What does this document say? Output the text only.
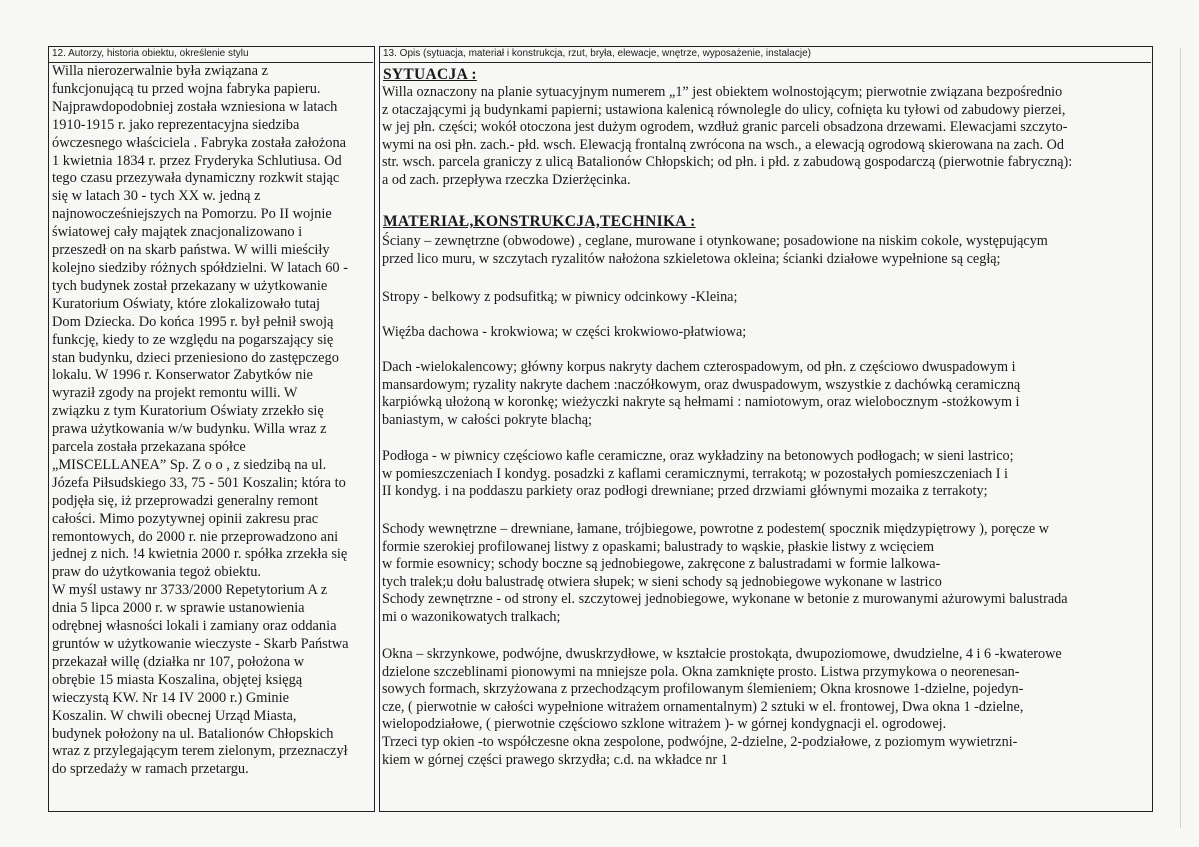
12. Autorzy, historia obiektu, określenie stylu	13. Opis (sytuacja, materiał i konstrukcja, rzut, bryła, elewacje, wnętrze, wyposażenie, instalacje)
Willa nierozerwalnie była związana z
funkcjonującą tu przed wojna fabryka papieru.
Najprawdopodobniej została wzniesiona w latach
1910-1915 r. jako reprezentacyjna siedziba
ówczesnego właściciela . Fabryka została założona
1 kwietnia 1834 r. przez Fryderyka Schlutiusa. Od
tego czasu przezywała dynamiczny rozkwit stając
się w latach 30 - tych XX w. jedną z
najnowocześniejszych na Pomorzu. Po II wojnie
światowej cały majątek znacjonalizowano i
przeszedł on na skarb państwa. W willi mieściły
kolejno siedziby różnych spółdzielni. W latach 60 -
tych budynek został przekazany w użytkowanie
Kuratorium Oświaty, które zlokalizowało tutaj
Dom Dziecka. Do końca 1995 r. był pełnił swoją
funkcję, kiedy to ze względu na pogarszający się
stan budynku, dzieci przeniesiono do zastępczego
lokalu. W 1996 r. Konserwator Zabytków nie
wyraził zgody na projekt remontu willi. W
związku z tym Kuratorium Oświaty zrzekło się
prawa użytkowania w/w budynku. Willa wraz z
parcela została przekazana spółce
„MISCELLANEA” Sp. Z o o , z siedzibą na ul.
Józefa Piłsudskiego 33, 75 - 501 Koszalin; która to
podjęła się, iż przeprowadzi generalny remont
całości. Mimo pozytywnej opinii zakresu prac
remontowych, do 2000 r. nie przeprowadzono ani
jednej z nich. !4 kwietnia 2000 r. spółka zrzekła się
praw do użytkowania tegoż obiektu.
W myśl ustawy nr 3733/2000 Repetytorium A z
dnia 5 lipca 2000 r. w sprawie ustanowienia
odrębnej własności lokali i zamiany oraz oddania
gruntów w użytkowanie wieczyste - Skarb Państwa
przekazał willę (działka nr 107, położona w
obrębie 15 miasta Koszalina, objętej księgą
wieczystą KW. Nr 14 IV 2000 r.) Gminie
Koszalin. W chwili obecnej Urząd Miasta,
budynek położony na ul. Batalionów Chłopskich
wraz z przylegającym terem zielonym, przeznaczył
do sprzedaży w ramach przetargu.
SYTUACJA :
Willa oznaczony na planie sytuacyjnym numerem „1” jest obiektem wolnostojącym; pierwotnie związana bezpośrednio
z otaczającymi ją budynkami papierni; ustawiona kalenicą równolegle do ulicy, cofnięta ku tyłowi od zabudowy pierzei,
w jej płn. części; wokół otoczona jest dużym ogrodem, wzdłuż granic parceli obsadzona drzewami. Elewacjami szczyto-
wymi na osi płn. zach.- płd. wsch. Elewacją frontalną zwrócona na wsch., a elewacją ogrodową skierowana na zach. Od
str. wsch. parcela graniczy z ulicą Batalionów Chłopskich; od płn. i płd. z zabudową gospodarczą (pierwotnie fabryczną):
a od zach. przepływa rzeczka Dzierżęcinka.
MATERIAŁ,KONSTRUKCJA,TECHNIKA :
Ściany – zewnętrzne (obwodowe) , ceglane, murowane i otynkowane; posadowione na niskim cokole, występującym
przed lico muru, w szczytach ryzalitów nałożona szkieletowa okleina; ścianki działowe wypełnione są cegłą;
Stropy - belkowy z podsufitką; w piwnicy odcinkowy -Kleina;
Więźba dachowa - krokwiowa; w części krokwiowo-płatwiowa;
Dach -wielokalencowy; główny korpus nakryty dachem czterospadowym, od płn. z częściowo dwuspadowym i
mansardowym; ryzality nakryte dachem :naczółkowym, oraz dwuspadowym, wszystkie z dachówką ceramiczną
karpiówką ułożoną w koronkę; wieżyczki nakryte są hełmami : namiotowym, oraz wielobocznym -stożkowym i
baniastym, w całości pokryte blachą;
Podłoga - w piwnicy częściowo kafle ceramiczne, oraz wykładziny na betonowych podłogach; w sieni lastrico;
w pomieszczeniach I kondyg. posadzki z kaflami ceramicznymi, terrakotą; w pozostałych pomieszczeniach I i
II kondyg. i na poddaszu parkiety oraz podłogi drewniane; przed drzwiami głównymi mozaika z terrakoty;
Schody wewnętrzne – drewniane, łamane, trójbiegowe, powrotne z podestem( spocznik międzypiętrowy ), poręcze w
formie szerokiej profilowanej listwy z opaskami; balustrady to wąskie, płaskie listwy z wcięciem
w formie esownicy; schody boczne są jednobiegowe, zakręcone z balustradami w formie lalkowa-
tych tralek;u dołu balustradę otwiera słupek; w sieni schody są jednobiegowe wykonane w lastrico
Schody zewnętrzne - od strony el. szczytowej jednobiegowe, wykonane w betonie z murowanymi ażurowymi balustrada
mi o wazonikowatych tralkach;
Okna – skrzynkowe, podwójne, dwuskrzydłowe, w kształcie prostokąta, dwupoziomowe, dwudzielne, 4 i 6 -kwaterowe
dzielone szczeblinami pionowymi na mniejsze pola. Okna zamknięte prosto. Listwa przymykowa o neorenesan-
sowych formach, skrzyżowana z przechodzącym profilowanym ślemieniem; Okna krosnowe 1-dzielne, pojedyn-
cze, ( pierwotnie w całości wypełnione witrażem ornamentalnym) 2 sztuki w el. frontowej, Dwa okna 1 -dzielne,
wielopodziałowe, ( pierwotnie częściowo szklone witrażem )- w górnej kondygnacji el. ogrodowej.
Trzeci typ okien -to współczesne okna zespolone, podwójne, 2-dzielne, 2-podziałowe, z poziomym wywietrzni-
kiem w górnej części prawego skrzydła; c.d. na wkładce nr 1
